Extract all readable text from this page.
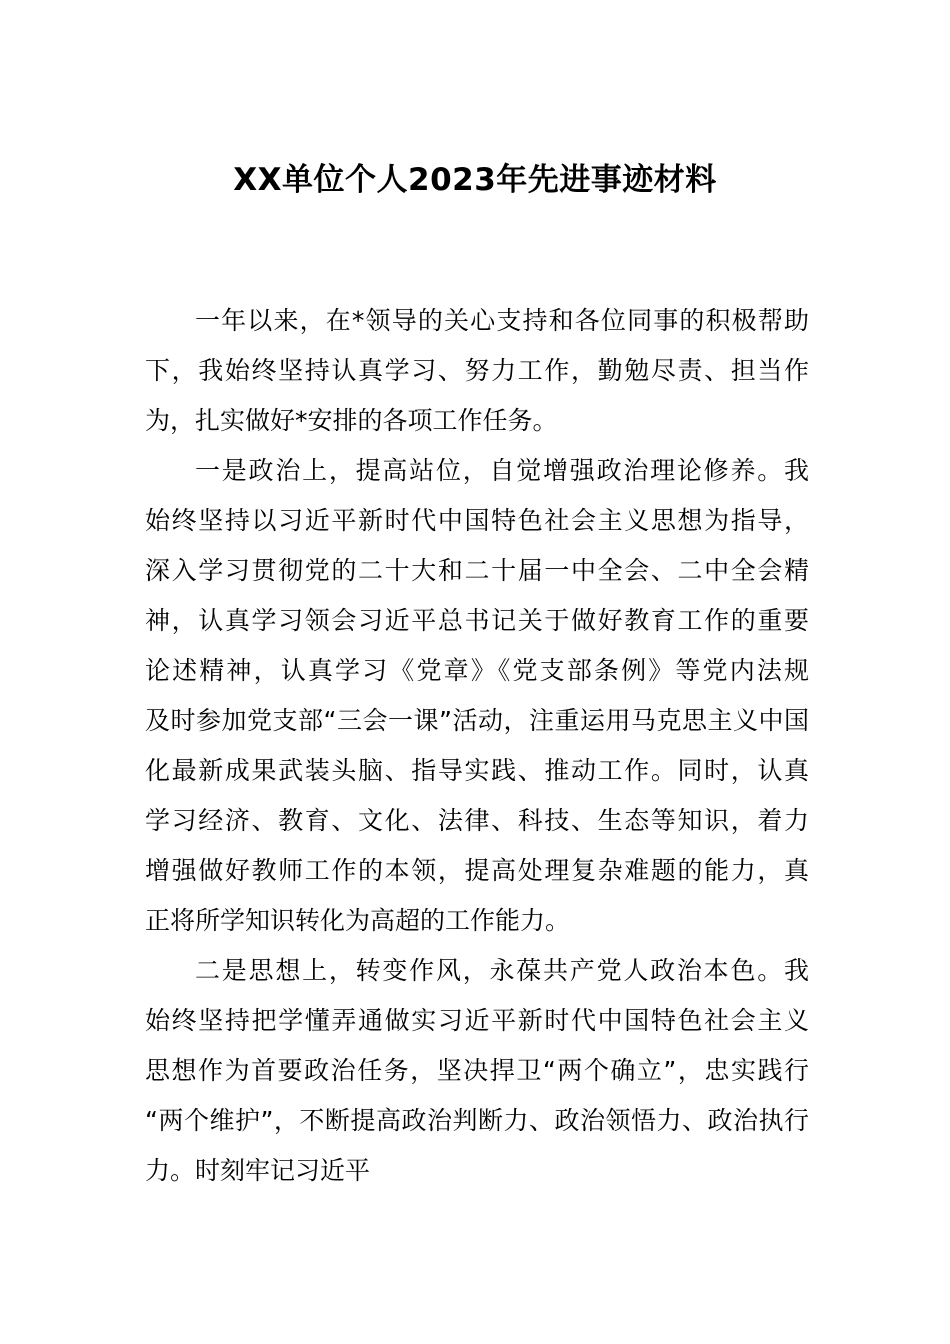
XX单位个人2023年先进事迹材料
一年以来，在*领导的关心支持和各位同事的积极帮助
下，我始终坚持认真学习、努力工作，勤勉尽责、担当作
为，扎实做好*安排的各项工作任务。
一是政治上，提高站位，自觉增强政治理论修养。我
始终坚持以习近平新时代中国特色社会主义思想为指导，
深入学习贯彻党的二十大和二十届一中全会、二中全会精
神，认真学习领会习近平总书记关于做好教育工作的重要
论述精神，认真学习《党章》《党支部条例》等党内法规
及时参加党支部“三会一课”活动，注重运用马克思主义中国
化最新成果武装头脑、指导实践、推动工作。同时，认真
学习经济、教育、文化、法律、科技、生态等知识，着力
增强做好教师工作的本领，提高处理复杂难题的能力，真
正将所学知识转化为高超的工作能力。
二是思想上，转变作风，永葆共产党人政治本色。我
始终坚持把学懂弄通做实习近平新时代中国特色社会主义
思想作为首要政治任务，坚决捍卫“两个确立”，忠实践行
“两个维护”，不断提高政治判断力、政治领悟力、政治执行
力。时刻牢记习近平
